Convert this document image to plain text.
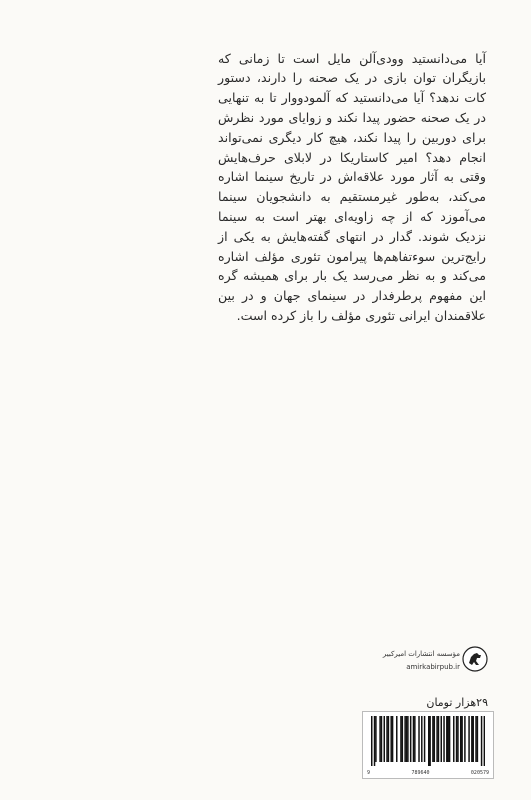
آیا می‌دانستید وودی‌آلن مایل است تا زمانی که بازیگران توان بازی در یک صحنه را دارند، دستور کات ندهد؟ آیا می‌دانستید که آلمودووار تا به تنهایی در یک صحنه حضور پیدا نکند و زوایای مورد نظرش برای دوربین را پیدا نکند، هیچ کار دیگری نمی‌تواند انجام دهد؟ امیر کاستاریکا در لابلای حرف‌هایش وقتی به آثار مورد علاقه‌اش در تاریخ سینما اشاره می‌کند، به‌طور غیرمستقیم به دانشجویان سینما می‌آموزد که از چه زاویه‌ای بهتر است به سینما نزدیک شوند. گدار در انتهای گفته‌هایش به یکی از رایج‌ترین سوءتفاهم‌ها پیرامون تئوری مؤلف اشاره می‌کند و به نظر می‌رسد یک بار برای همیشه گره این مفهوم پرطرفدار در سینمای جهان و در بین علاقمندان ایرانی تئوری مؤلف را باز کرده است.

مؤسسه انتشارات امیرکبیر
amirkabirpub.ir
۲۹هزار تومان
9	789640	020579
